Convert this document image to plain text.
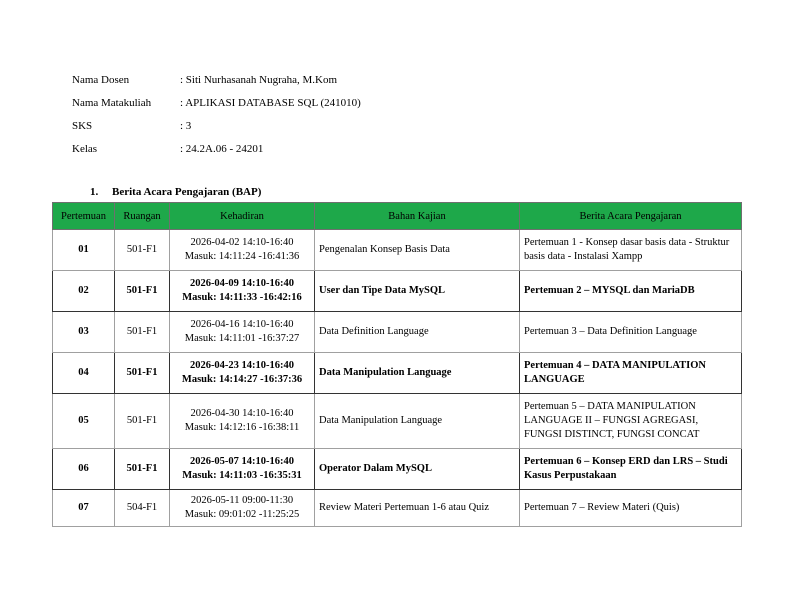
Nama Dosen	: Siti Nurhasanah Nugraha, M.Kom
Nama Matakuliah	: APLIKASI DATABASE SQL (241010)
SKS	: 3
Kelas	: 24.2A.06 - 24201
1. Berita Acara Pengajaran (BAP)
Pertemuan	Ruangan	Kehadiran	Bahan Kajian	Berita Acara Pengajaran
01	501-F1	2026-04-02 14:10-16:40
Masuk: 14:11:24 -16:41:36	Pengenalan Konsep Basis Data	Pertemuan 1 - Konsep dasar basis data - Struktur basis data - Instalasi Xampp
02	501-F1	2026-04-09 14:10-16:40
Masuk: 14:11:33 -16:42:16	User dan Tipe Data MySQL	Pertemuan 2 – MYSQL dan MariaDB
03	501-F1	2026-04-16 14:10-16:40
Masuk: 14:11:01 -16:37:27	Data Definition Language	Pertemuan 3 – Data Definition Language
04	501-F1	2026-04-23 14:10-16:40
Masuk: 14:14:27 -16:37:36	Data Manipulation Language	Pertemuan 4 – DATA MANIPULATION LANGUAGE
05	501-F1	2026-04-30 14:10-16:40
Masuk: 14:12:16 -16:38:11	Data Manipulation Language	Pertemuan 5 – DATA MANIPULATION LANGUAGE II – FUNGSI AGREGASI, FUNGSI DISTINCT, FUNGSI CONCAT
06	501-F1	2026-05-07 14:10-16:40
Masuk: 14:11:03 -16:35:31	Operator Dalam MySQL	Pertemuan 6 – Konsep ERD dan LRS – Studi Kasus Perpustakaan
07	504-F1	2026-05-11 09:00-11:30
Masuk: 09:01:02 -11:25:25	Review Materi Pertemuan 1-6 atau Quiz	Pertemuan 7 – Review Materi (Quis)
